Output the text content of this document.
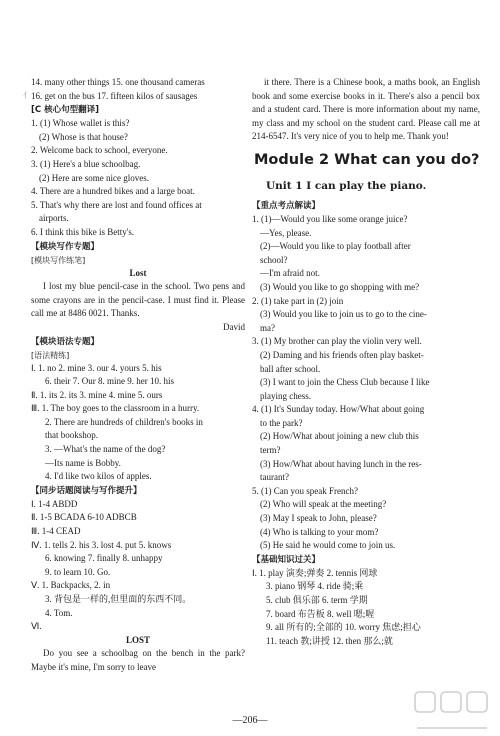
14. many other things 15. one thousand cameras
16. get on the bus 17. fifteen kilos of sausages
[C 核心句型翻译]
1. (1) Whose wallet is this?
(2) Whose is that house?
2. Welcome back to school, everyone.
3. (1) Here's a blue schoolbag.
(2) Here are some nice gloves.
4. There are a hundred bikes and a large boat.
5. That's why there are lost and found offices at
airports.
6. I think this bike is Betty's.
【模块写作专题】
[模块写作练笔]
Lost
I lost my blue pencil-case in the school. Two pens and some crayons are in the pencil-case. I must find it. Please call me at 8486 0021. Thanks.
David
【模块语法专题】
[语法精练]
Ⅰ. 1. no 2. mine 3. our 4. yours 5. his
6. their 7. Our 8. mine 9. her 10. his
Ⅱ. 1. its 2. its 3. mine 4. mine 5. ours
Ⅲ. 1. The boy goes to the classroom in a hurry.
2. There are hundreds of children's books in
that bookshop.
3. —What's the name of the dog?
—Its name is Bobby.
4. I'd like two kilos of apples.
【同步话题阅读与写作提升】
Ⅰ. 1-4 ABDD
Ⅱ. 1-5 BCADA 6-10 ADBCB
Ⅲ. 1-4 CEAD
Ⅳ. 1. tells 2. his 3. lost 4. put 5. knows
6. knowing 7. finally 8. unhappy
9. to learn 10. Go.
Ⅴ. 1. Backpacks, 2. in
3. 背包是一样的,但里面的东西不同。
4. Tom.
Ⅵ.
LOST
Do you see a schoolbag on the bench in the park? Maybe it's mine, I'm sorry to leave
it there. There is a Chinese book, a maths book, an English book and some exercise books in it. There's also a pencil box and a student card. There is more information about my name, my class and my school on the student card. Please call me at 214-6547. It's very nice of you to help me. Thank you!
Module 2 What can you do?
Unit 1 I can play the piano.
【重点考点解读】
1. (1)—Would you like some orange juice?
—Yes, please.
(2)—Would you like to play football after
school?
—I'm afraid not.
(3) Would you like to go shopping with me?
2. (1) take part in (2) join
(3) Would you like to join us to go to the cine-
ma?
3. (1) My brother can play the violin very well.
(2) Daming and his friends often play basket-
ball after school.
(3) I want to join the Chess Club because I like
playing chess.
4. (1) It's Sunday today. How/What about going
to the park?
(2) How/What about joining a new club this
term?
(3) How/What about having lunch in the res-
taurant?
5. (1) Can you speak French?
(2) Who will speak at the meeting?
(3) May I speak to John, please?
(4) Who is talking to your mom?
(5) He said he would come to join us.
【基础知识过关】
Ⅰ. 1. play 演奏;弹奏 2. tennis 网球
3. piano 钢琴 4. ride 骑;乘
5. club 俱乐部 6. term 学期
7. board 布告板 8. well 嗯;喔
9. all 所有的;全部的 10. worry 焦虑;担心
11. teach 教;讲授 12. then 那么;就
亻
—206—
